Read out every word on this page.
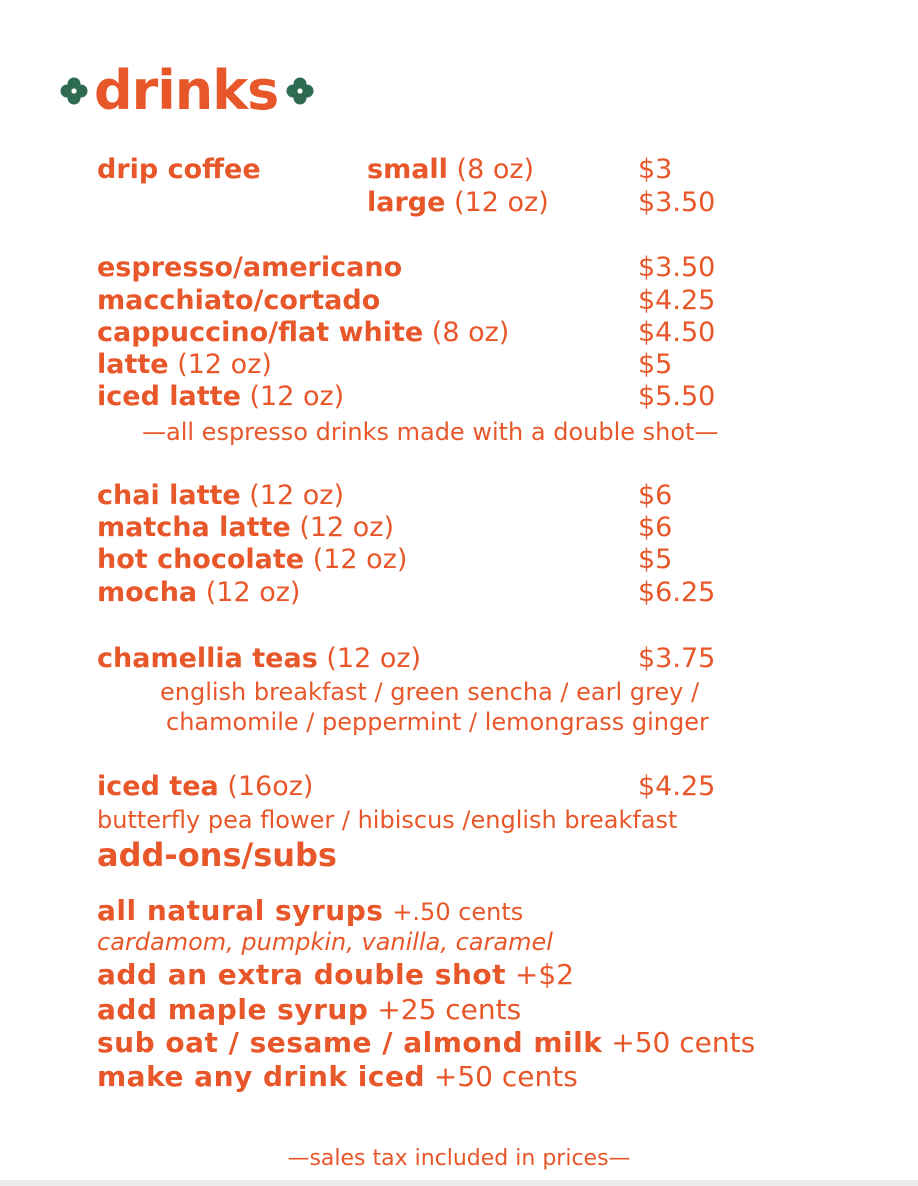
drinks
drip coffee	small (8 oz)	$3
large (12 oz)	$3.50
espresso/americano	$3.50
macchiato/cortado	$4.25
cappuccino/flat white (8 oz)	$4.50
latte (12 oz)	$5
iced latte (12 oz)	$5.50
—all espresso drinks made with a double shot—
chai latte (12 oz)	$6
matcha latte (12 oz)	$6
hot chocolate (12 oz)	$5
mocha (12 oz)	$6.25
chamellia teas (12 oz)	$3.75
english breakfast / green sencha / earl grey /
chamomile / peppermint / lemongrass ginger
iced tea (16oz)	$4.25
butterfly pea flower / hibiscus /english breakfast
add-ons/subs
all natural syrups +.50 cents
cardamom, pumpkin, vanilla, caramel
add an extra double shot +$2
add maple syrup +25 cents
sub oat / sesame / almond milk +50 cents
make any drink iced +50 cents
—sales tax included in prices—
